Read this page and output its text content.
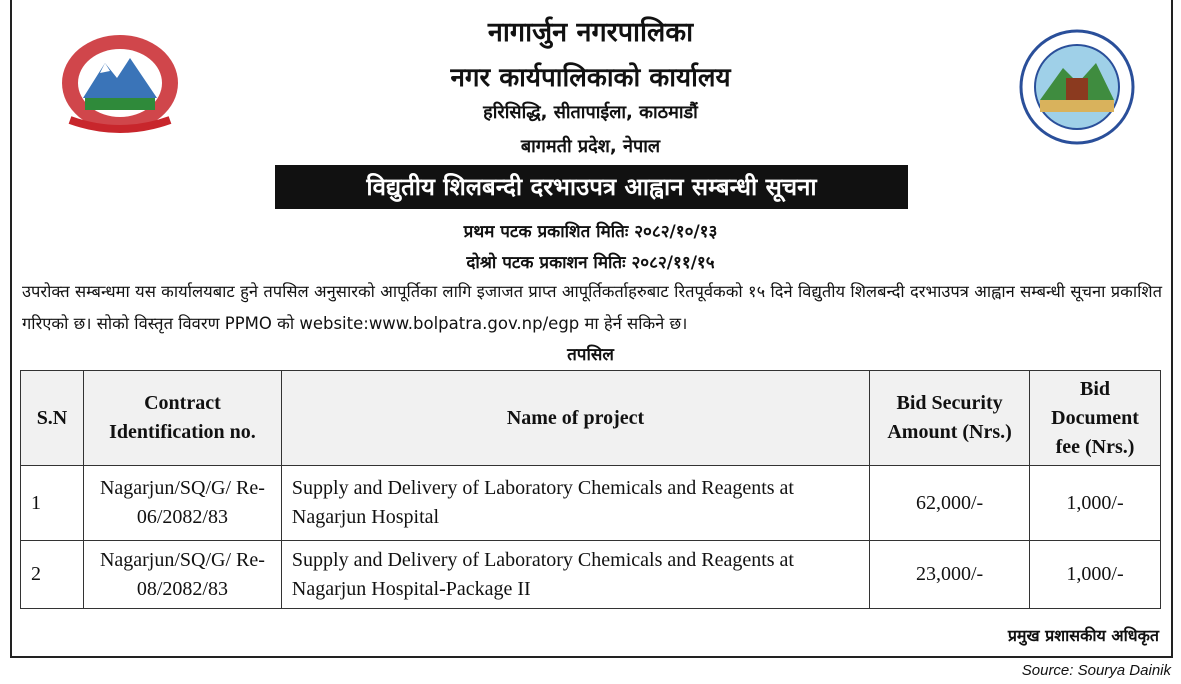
नागार्जुन नगरपालिका
नगर कार्यपालिकाको कार्यालय
हरिसिद्धि, सीतापाईला, काठमाडौं
बागमती प्रदेश, नेपाल
विद्युतीय शिलबन्दी दरभाउपत्र आह्वान सम्बन्धी सूचना
प्रथम पटक प्रकाशित मितिः २०८२/१०/१३
दोश्रो पटक प्रकाशन मितिः २०८२/११/१५
उपरोक्त सम्बन्धमा यस कार्यालयबाट हुने तपसिल अनुसारको आपूर्तिका लागि इजाजत प्राप्त आपूर्तिकर्ताहरुबाट रितपूर्वकको १५ दिने विद्युतीय शिलबन्दी दरभाउपत्र आह्वान सम्बन्धी सूचना प्रकाशित गरिएको छ। सोको विस्तृत विवरण PPMO को website:www.bolpatra.gov.np/egp मा हेर्न सकिने छ।
तपसिल
S.N	Contract Identification no.	Name of project	Bid Security Amount (Nrs.)	Bid Document fee (Nrs.)
1	Nagarjun/SQ/G/ Re-06/2082/83	Supply and Delivery of Laboratory Chemicals and Reagents at Nagarjun Hospital	62,000/-	1,000/-
2	Nagarjun/SQ/G/ Re-08/2082/83	Supply and Delivery of Laboratory Chemicals and Reagents at Nagarjun Hospital-Package II	23,000/-	1,000/-
प्रमुख प्रशासकीय अधिकृत
Source: Sourya Dainik
